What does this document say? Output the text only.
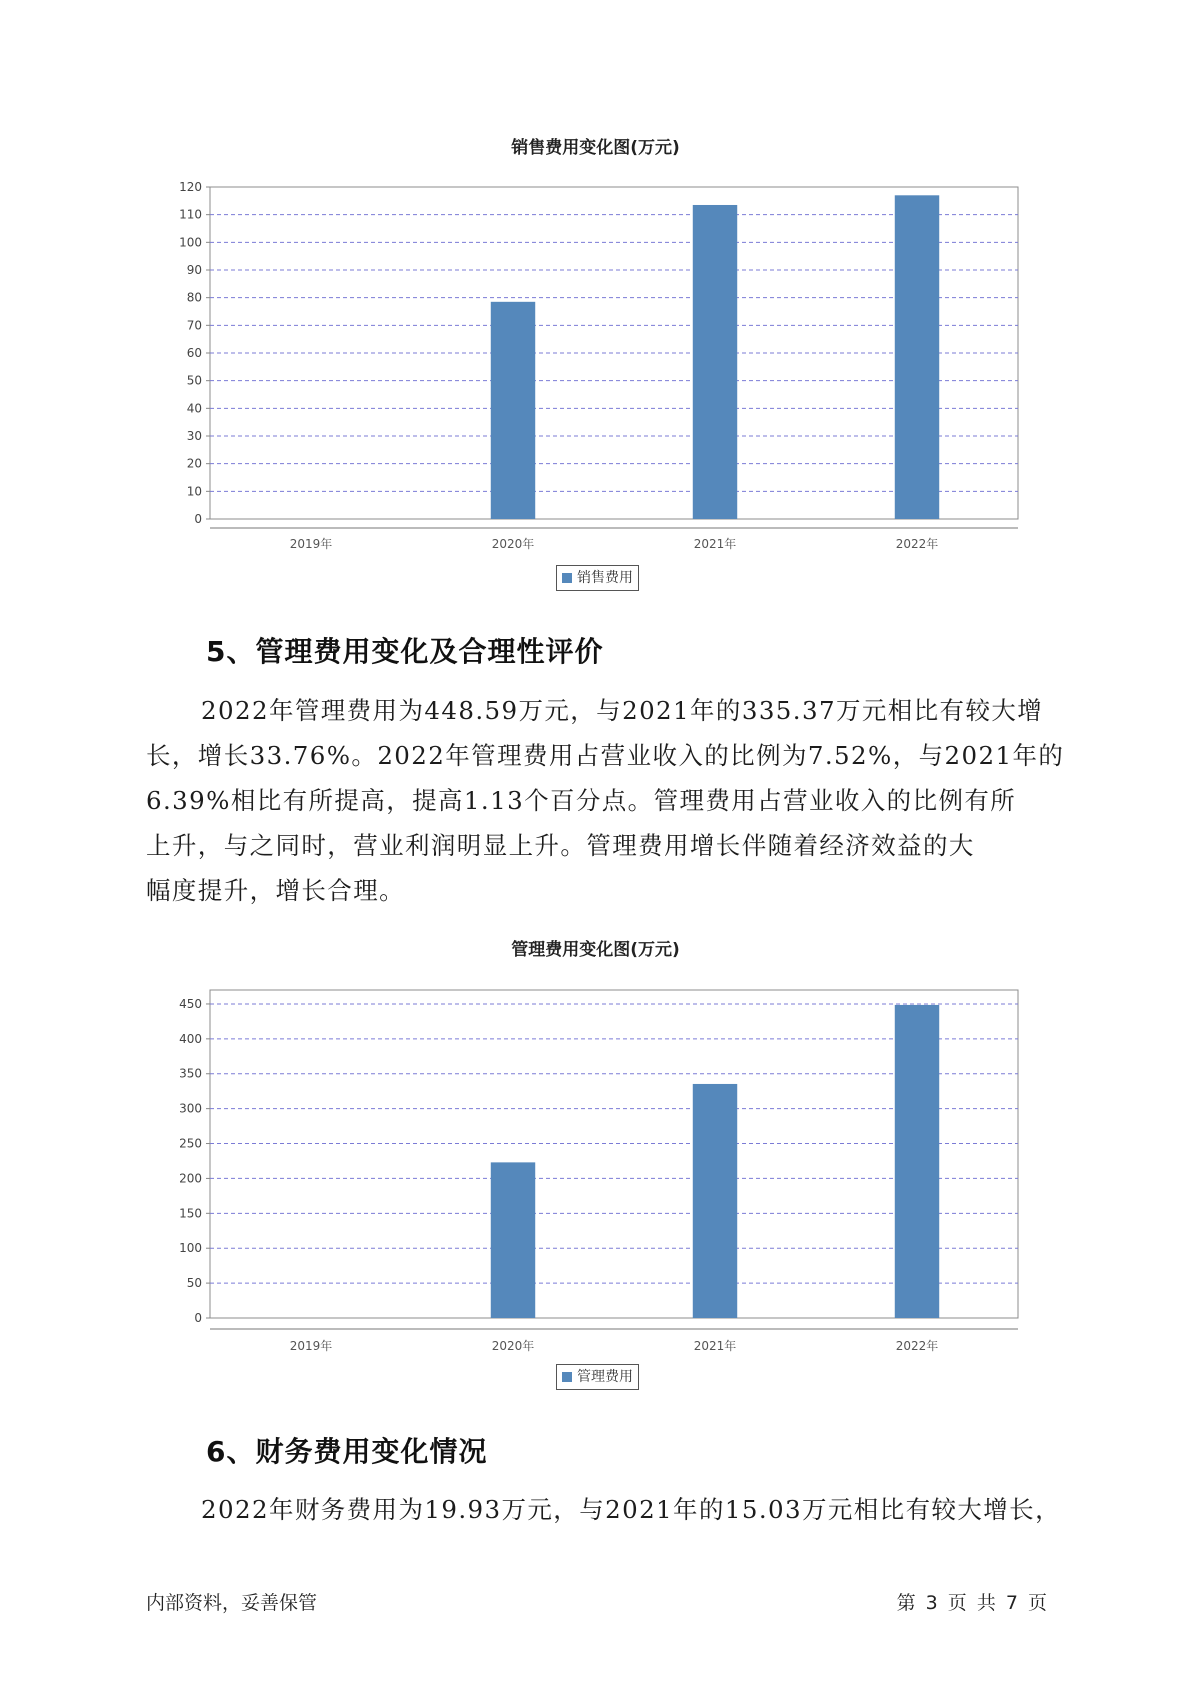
销售费用变化图(万元)
0
10
20
30
40
50
60
70
80
90
100
110
120
2019年	2020年	2021年	2022年
销售费用
5、管理费用变化及合理性评价
2022年管理费用为448.59万元，与2021年的335.37万元相比有较大增
长，增长33.76%。2022年管理费用占营业收入的比例为7.52%，与2021年的
6.39%相比有所提高，提高1.13个百分点。管理费用占营业收入的比例有所
上升，与之同时，营业利润明显上升。管理费用增长伴随着经济效益的大
幅度提升，增长合理。
管理费用变化图(万元)
0
50
100
150
200
250
300
350
400
450
2019年	2020年	2021年	2022年
管理费用
6、财务费用变化情况
2022年财务费用为19.93万元，与2021年的15.03万元相比有较大增长，
内部资料，妥善保管	第 3 页 共 7 页
